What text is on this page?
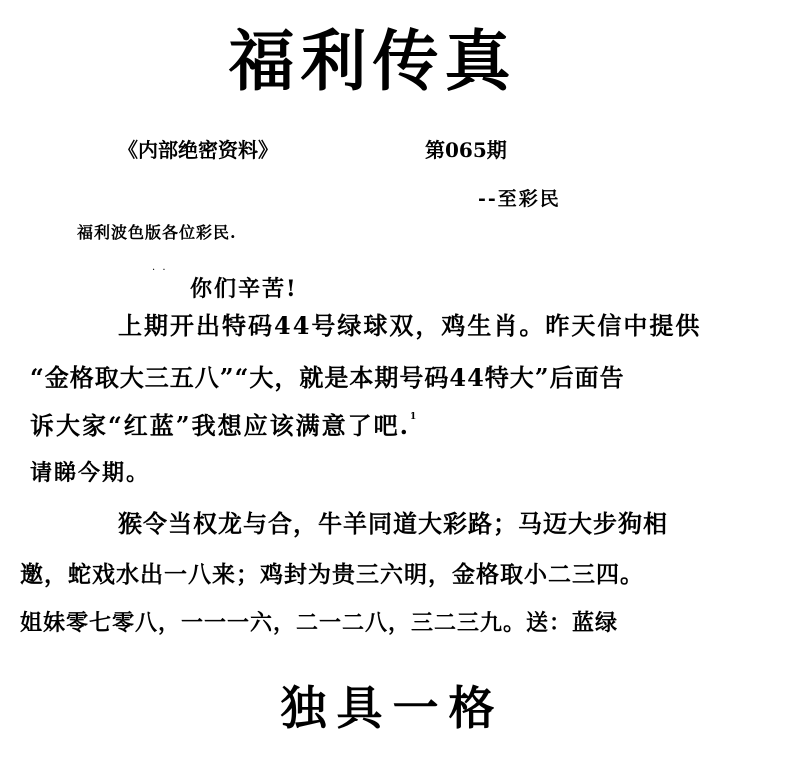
福利传真
《内部绝密资料》	第065期
--至彩民
福利波色版各位彩民.
. .
你们辛苦!
上期开出特码44号绿球双，鸡生肖。昨天信中提供
“金格取大三五八”“大，就是本期号码44特大”后面告
诉大家“红蓝”我想应该满意了吧.$^1$
请睇今期。
猴令当权龙与合，牛羊同道大彩路；马迈大步狗相
邀，蛇戏水出一八来；鸡封为贵三六明，金格取小二三四。
姐妹零七零八，一一一六，二一二八，三二三九。送：蓝绿
独具一格
